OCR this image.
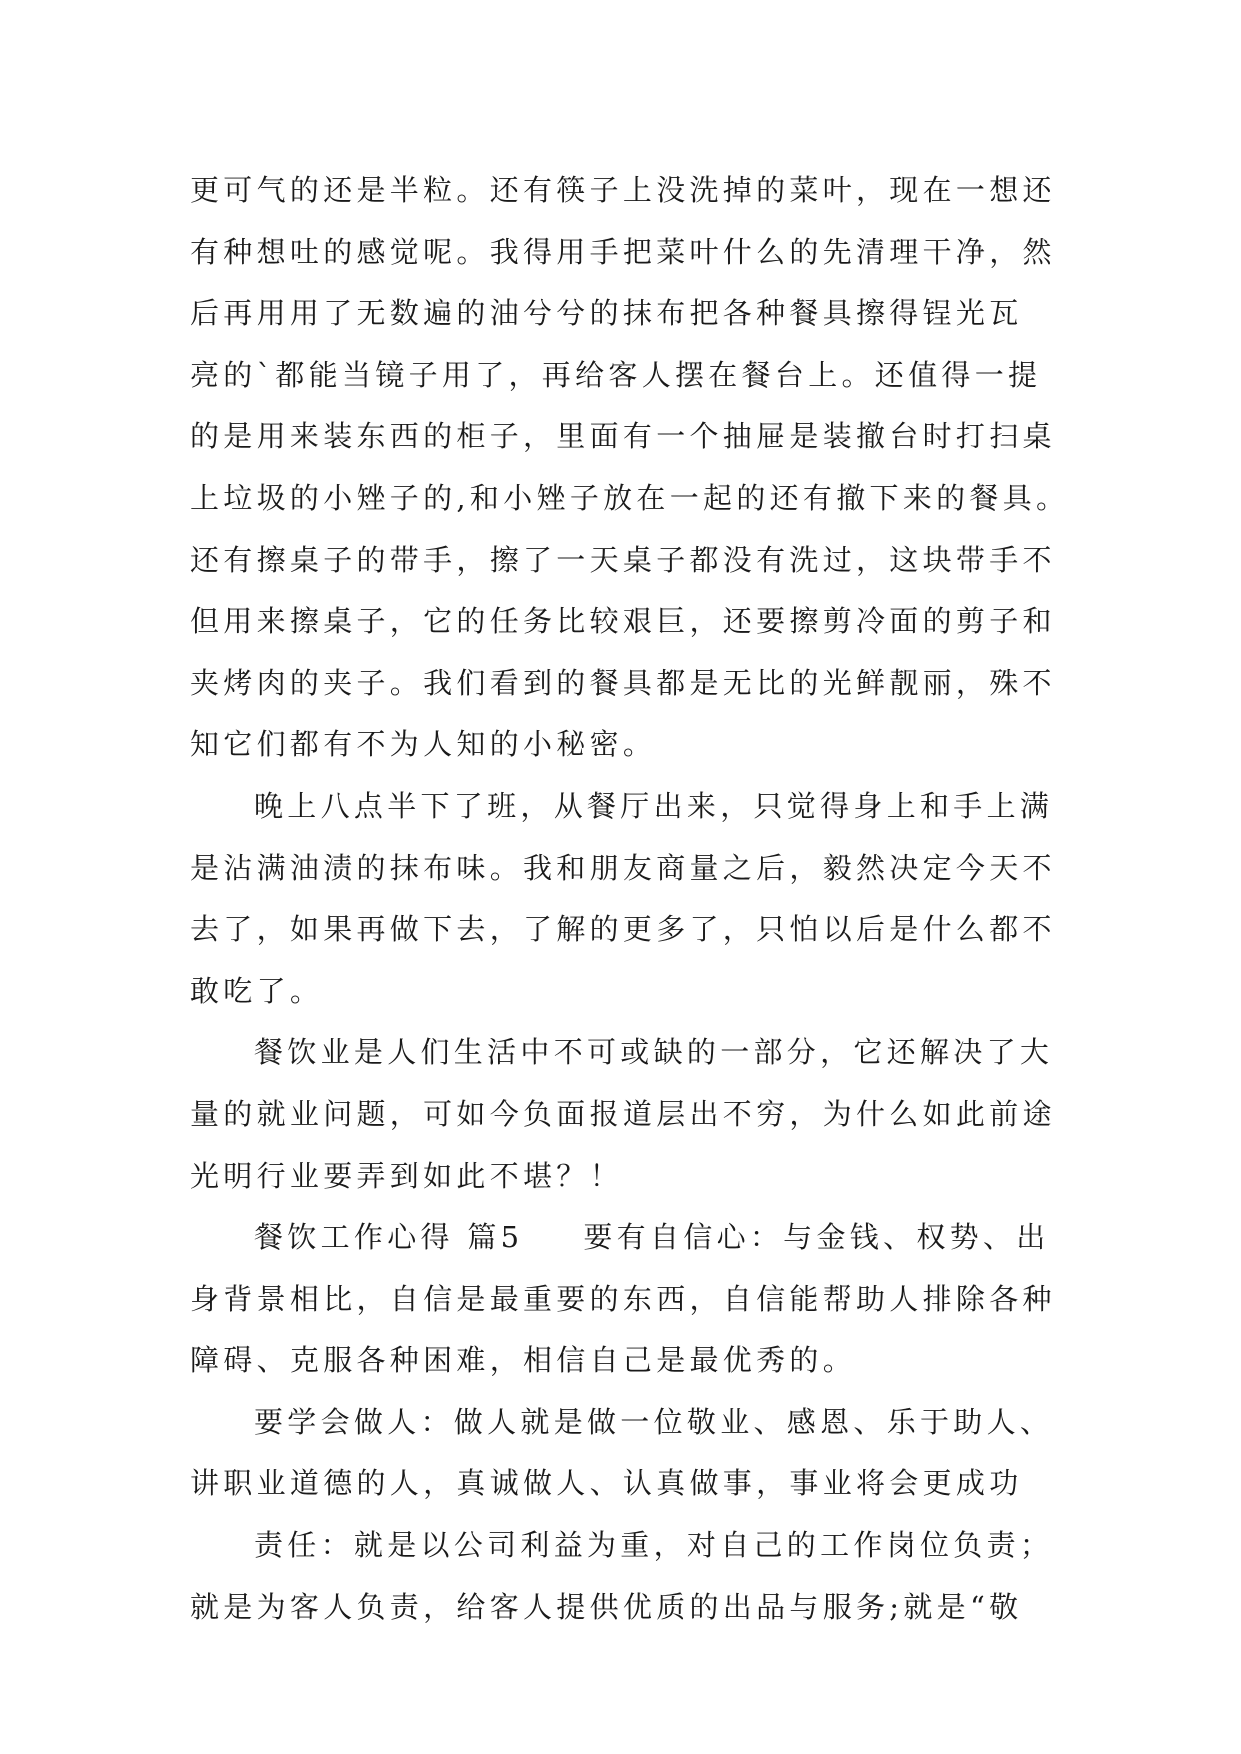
更可气的还是半粒。还有筷子上没洗掉的菜叶，现在一想还
有种想吐的感觉呢。我得用手把菜叶什么的先清理干净，然
后再用用了无数遍的油兮兮的抹布把各种餐具擦得锃光瓦
亮的`都能当镜子用了，再给客人摆在餐台上。还值得一提
的是用来装东西的柜子，里面有一个抽屉是装撤台时打扫桌
上垃圾的小矬子的,和小矬子放在一起的还有撤下来的餐具。
还有擦桌子的带手，擦了一天桌子都没有洗过，这块带手不
但用来擦桌子，它的任务比较艰巨，还要擦剪冷面的剪子和
夹烤肉的夹子。我们看到的餐具都是无比的光鲜靓丽，殊不
知它们都有不为人知的小秘密。
晚上八点半下了班，从餐厅出来，只觉得身上和手上满
是沾满油渍的抹布味。我和朋友商量之后，毅然决定今天不
去了，如果再做下去，了解的更多了，只怕以后是什么都不
敢吃了。
餐饮业是人们生活中不可或缺的一部分，它还解决了大
量的就业问题，可如今负面报道层出不穷，为什么如此前途
光明行业要弄到如此不堪？！
餐饮工作心得 篇5 要有自信心：与金钱、权势、出
身背景相比，自信是最重要的东西，自信能帮助人排除各种
障碍、克服各种困难，相信自己是最优秀的。
要学会做人：做人就是做一位敬业、感恩、乐于助人、
讲职业道德的人，真诚做人、认真做事，事业将会更成功
责任：就是以公司利益为重，对自己的工作岗位负责；
就是为客人负责，给客人提供优质的出品与服务;就是“敬
